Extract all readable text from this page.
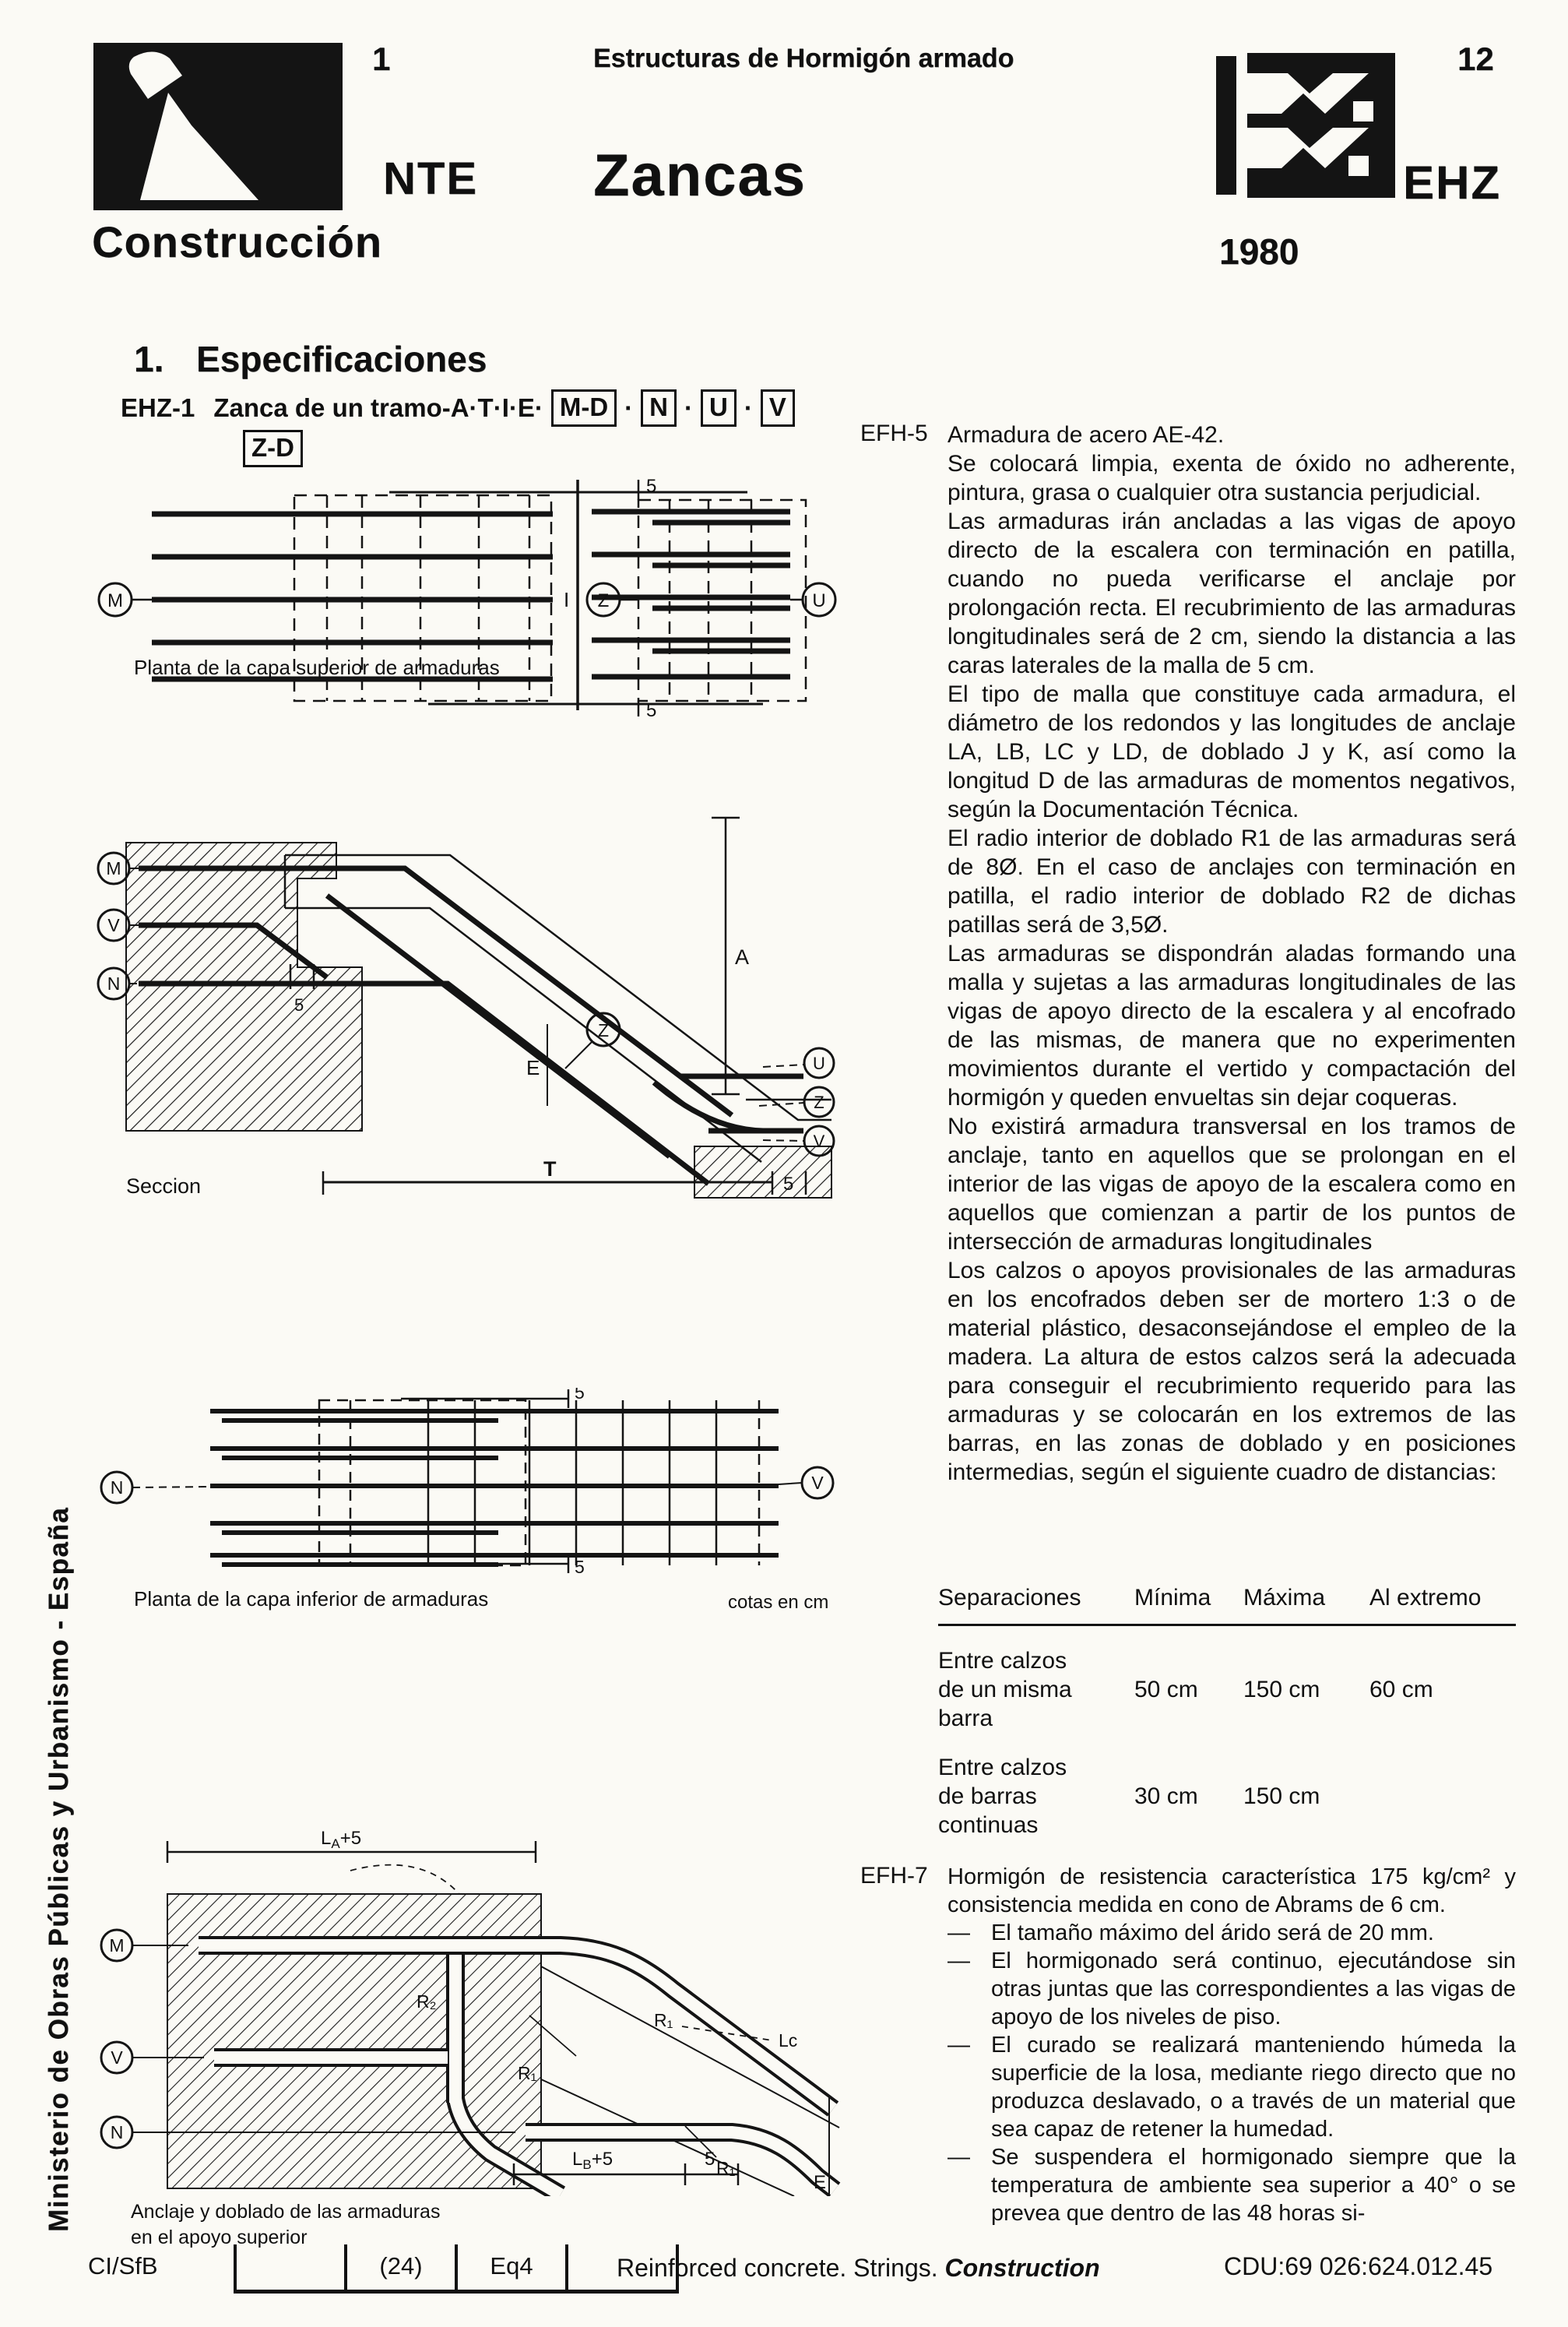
1
NTE
Construcción
Estructuras de Hormigón armado
Zancas
12
EHZ
1980
1. Especificaciones
EHZ-1 Zanca de un tramo-A·T·I·E· M-D · N · U · V
Z-D
M	I Z	U
5
5
Planta de la capa superior de armaduras
M
V
N
Z
U
Z
V
A
E
T
5
5
Seccion
N	V
5
5
Planta de la capa inferior de armaduras	cotas en cm
$L_A+5$
$L_B+5$	5
M
V
N
R₂
R₁
R₁
Lc
R₁
E
Anclaje y doblado de las armaduras
en el apoyo superior
EFH-5 Armadura de acero AE-42.

Se colocará limpia, exenta de óxido no adherente, pintura, grasa o cualquier otra sustancia perjudicial.

Las armaduras irán ancladas a las vigas de apoyo directo de la escalera con terminación en patilla, cuando no pueda verificarse el anclaje por prolongación recta. El recubrimiento de las armaduras longitudinales será de 2 cm, siendo la distancia a las caras laterales de la malla de 5 cm.

El tipo de malla que constituye cada armadura, el diámetro de los redondos y las longitudes de anclaje LA, LB, LC y LD, de doblado J y K, así como la longitud D de las armaduras de momentos negativos, según la Documentación Técnica.

El radio interior de doblado R1 de las armaduras será de 8Ø. En el caso de anclajes con terminación en patilla, el radio interior de doblado R2 de dichas patillas será de 3,5Ø.

Las armaduras se dispondrán aladas formando una malla y sujetas a las armaduras longitudinales de las vigas de apoyo directo de la escalera y al encofrado de las mismas, de manera que no experimenten movimientos durante el vertido y compactación del hormigón y queden envueltas sin dejar coqueras.

No existirá armadura transversal en los tramos de anclaje, tanto en aquellos que se prolongan en el interior de las vigas de apoyo de la escalera como en aquellos que comienzan a partir de los puntos de intersección de armaduras longitudinales

Los calzos o apoyos provisionales de las armaduras en los encofrados deben ser de mortero 1:3 o de material plástico, desaconsejándose el empleo de la madera. La altura de estos calzos será la adecuada para conseguir el recubrimiento requerido para las armaduras y se colocarán en los extremos de las barras, en las zonas de doblado y en posiciones intermedias, según el siguiente cuadro de distancias:

Separaciones	Mínima	Máxima	Al extremo
Entre calzos de un misma barra
50 cm	150 cm	60 cm
Entre calzos de barras continuas
30 cm	150 cm
EFH-7 Hormigón de resistencia característica 175 kg/cm² y consistencia medida en cono de Abrams de 6 cm.

— El tamaño máximo del árido será de 20 mm.

— El hormigonado será continuo, ejecutándose sin otras juntas que las correspondientes a las vigas de apoyo de los niveles de piso.

— El curado se realizará manteniendo húmeda la superficie de la losa, mediante riego directo que no produzca deslavado, o a través de un material que sea capaz de retener la humedad.

— Se suspendera el hormigonado siempre que la temperatura de ambiente sea superior a 40° o se prevea que dentro de las 48 horas si-

Ministerio de Obras Públicas y Urbanismo - España
CI/SfB	(24)	Eq4	Reinforced concrete. Strings. Construction	CDU:69 026:624.012.45
